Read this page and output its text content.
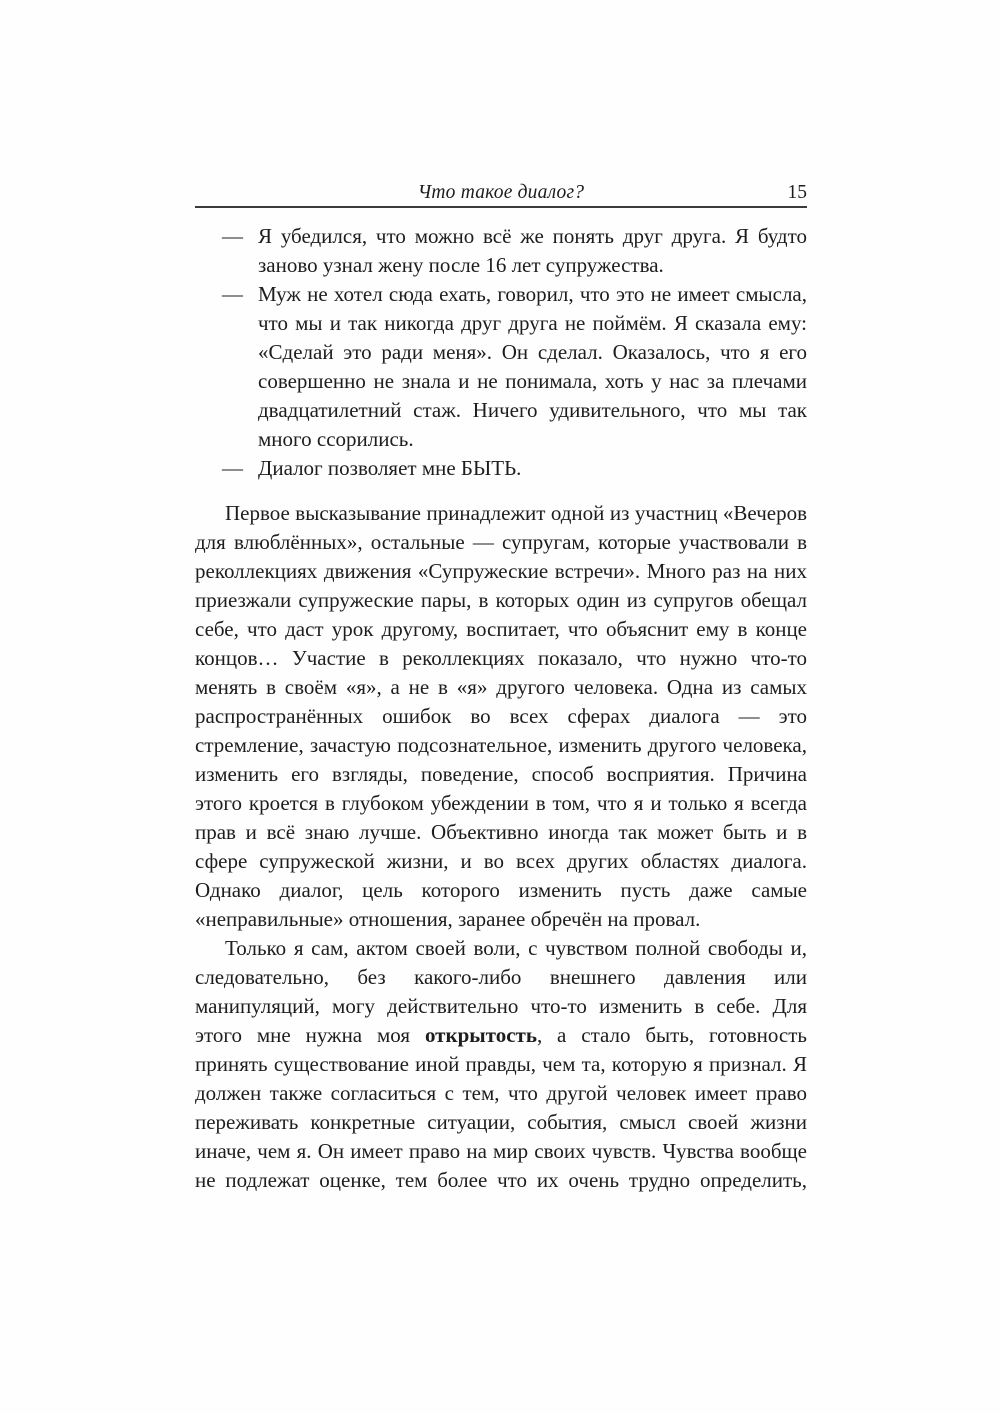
Что такое диалог?	15
— Я убедился, что можно всё же понять друг друга. Я будто заново узнал жену после 16 лет супружества.
— Муж не хотел сюда ехать, говорил, что это не имеет смысла, что мы и так никогда друг друга не поймём. Я сказала ему: «Сделай это ради меня». Он сделал. Оказалось, что я его совершенно не знала и не понимала, хоть у нас за плечами двадцатилетний стаж. Ничего удивительного, что мы так много ссорились.
— Диалог позволяет мне БЫТЬ.

Первое высказывание принадлежит одной из участниц «Вечеров для влюблённых», остальные — супругам, которые участвовали в реколлекциях движения «Супружеские встречи». Много раз на них приезжали супружеские пары, в которых один из супругов обещал себе, что даст урок другому, воспитает, что объяснит ему в конце концов… Участие в реколлекциях показало, что нужно что-то менять в своём «я», а не в «я» другого человека. Одна из самых распространённых ошибок во всех сферах диалога — это стремление, зачастую подсознательное, изменить другого человека, изменить его взгляды, поведение, способ восприятия. Причина этого кроется в глубоком убеждении в том, что я и только я всегда прав и всё знаю лучше. Объективно иногда так может быть и в сфере супружеской жизни, и во всех других областях диалога. Однако диалог, цель которого изменить пусть даже самые «неправильные» отношения, заранее обречён на провал.

Только я сам, актом своей воли, с чувством полной свободы и, следовательно, без какого-либо внешнего давления или манипуляций, могу действительно что-то изменить в себе. Для этого мне нужна моя открытость, а стало быть, готовность принять существование иной правды, чем та, которую я признал. Я должен также согласиться с тем, что другой человек имеет право переживать конкретные ситуации, события, смысл своей жизни иначе, чем я. Он имеет право на мир своих чувств. Чувства вообще не подлежат оценке, тем более что их очень трудно определить,
